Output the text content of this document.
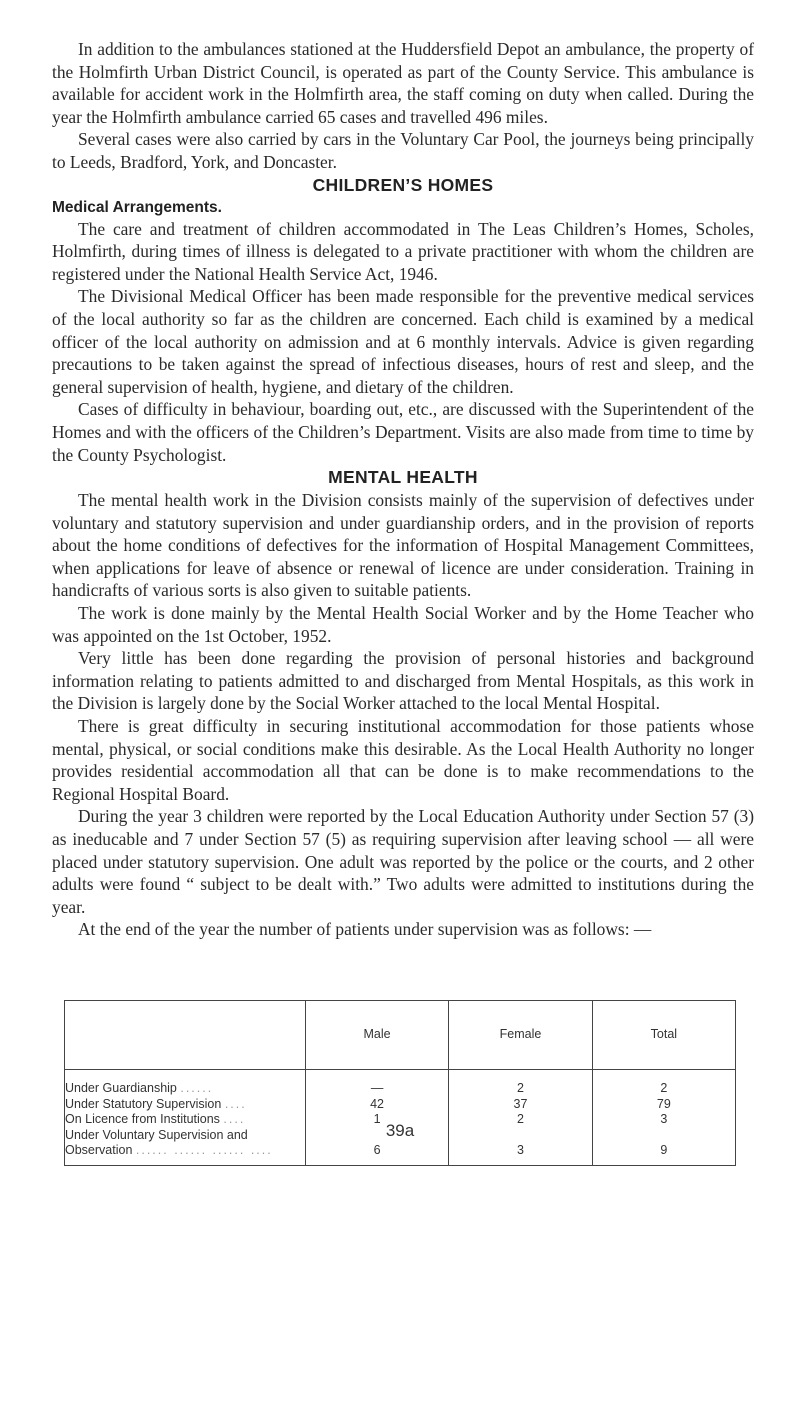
In addition to the ambulances stationed at the Huddersfield Depot an ambulance, the property of the Holmfirth Urban District Council, is operated as part of the County Service. This ambulance is available for accident work in the Holmfirth area, the staff coming on duty when called. During the year the Holmfirth ambulance carried 65 cases and travelled 496 miles.

Several cases were also carried by cars in the Voluntary Car Pool, the journeys being principally to Leeds, Bradford, York, and Doncaster.

CHILDREN’S HOMES

Medical Arrangements.

The care and treatment of children accommodated in The Leas Children’s Homes, Scholes, Holmfirth, during times of illness is delegated to a private practitioner with whom the children are registered under the National Health Service Act, 1946.

The Divisional Medical Officer has been made responsible for the preventive medical services of the local authority so far as the children are concerned. Each child is examined by a medical officer of the local authority on admission and at 6 monthly intervals. Advice is given regarding precautions to be taken against the spread of infectious diseases, hours of rest and sleep, and the general supervision of health, hygiene, and dietary of the children.

Cases of difficulty in behaviour, boarding out, etc., are discussed with the Superintendent of the Homes and with the officers of the Children’s Department. Visits are also made from time to time by the County Psychologist.

MENTAL HEALTH

The mental health work in the Division consists mainly of the supervision of defectives under voluntary and statutory supervision and under guardianship orders, and in the provision of reports about the home conditions of defectives for the information of Hospital Management Committees, when applications for leave of absence or renewal of licence are under consideration. Training in handicrafts of various sorts is also given to suitable patients.

The work is done mainly by the Mental Health Social Worker and by the Home Teacher who was appointed on the 1st October, 1952.

Very little has been done regarding the provision of personal histories and background information relating to patients admitted to and discharged from Mental Hospitals, as this work in the Division is largely done by the Social Worker attached to the local Mental Hospital.

There is great difficulty in securing institutional accommodation for those patients whose mental, physical, or social conditions make this desirable. As the Local Health Authority no longer provides residential accommodation all that can be done is to make recommendations to the Regional Hospital Board.

During the year 3 children were reported by the Local Education Authority under Section 57 (3) as ineducable and 7 under Section 57 (5) as requiring supervision after leaving school — all were placed under statutory supervision. One adult was reported by the police or the courts, and 2 other adults were found “ subject to be dealt with.” Two adults were admitted to institutions during the year.

At the end of the year the number of patients under supervision was as follows: —

	Male	Female	Total
Under Guardianship ......	—	2	2
Under Statutory Supervision ....	42	37	79
On Licence from Institutions ....	1	2	3
Under Voluntary Supervision and			
Observation ...... ...... ...... ....	6	3	9
39a
